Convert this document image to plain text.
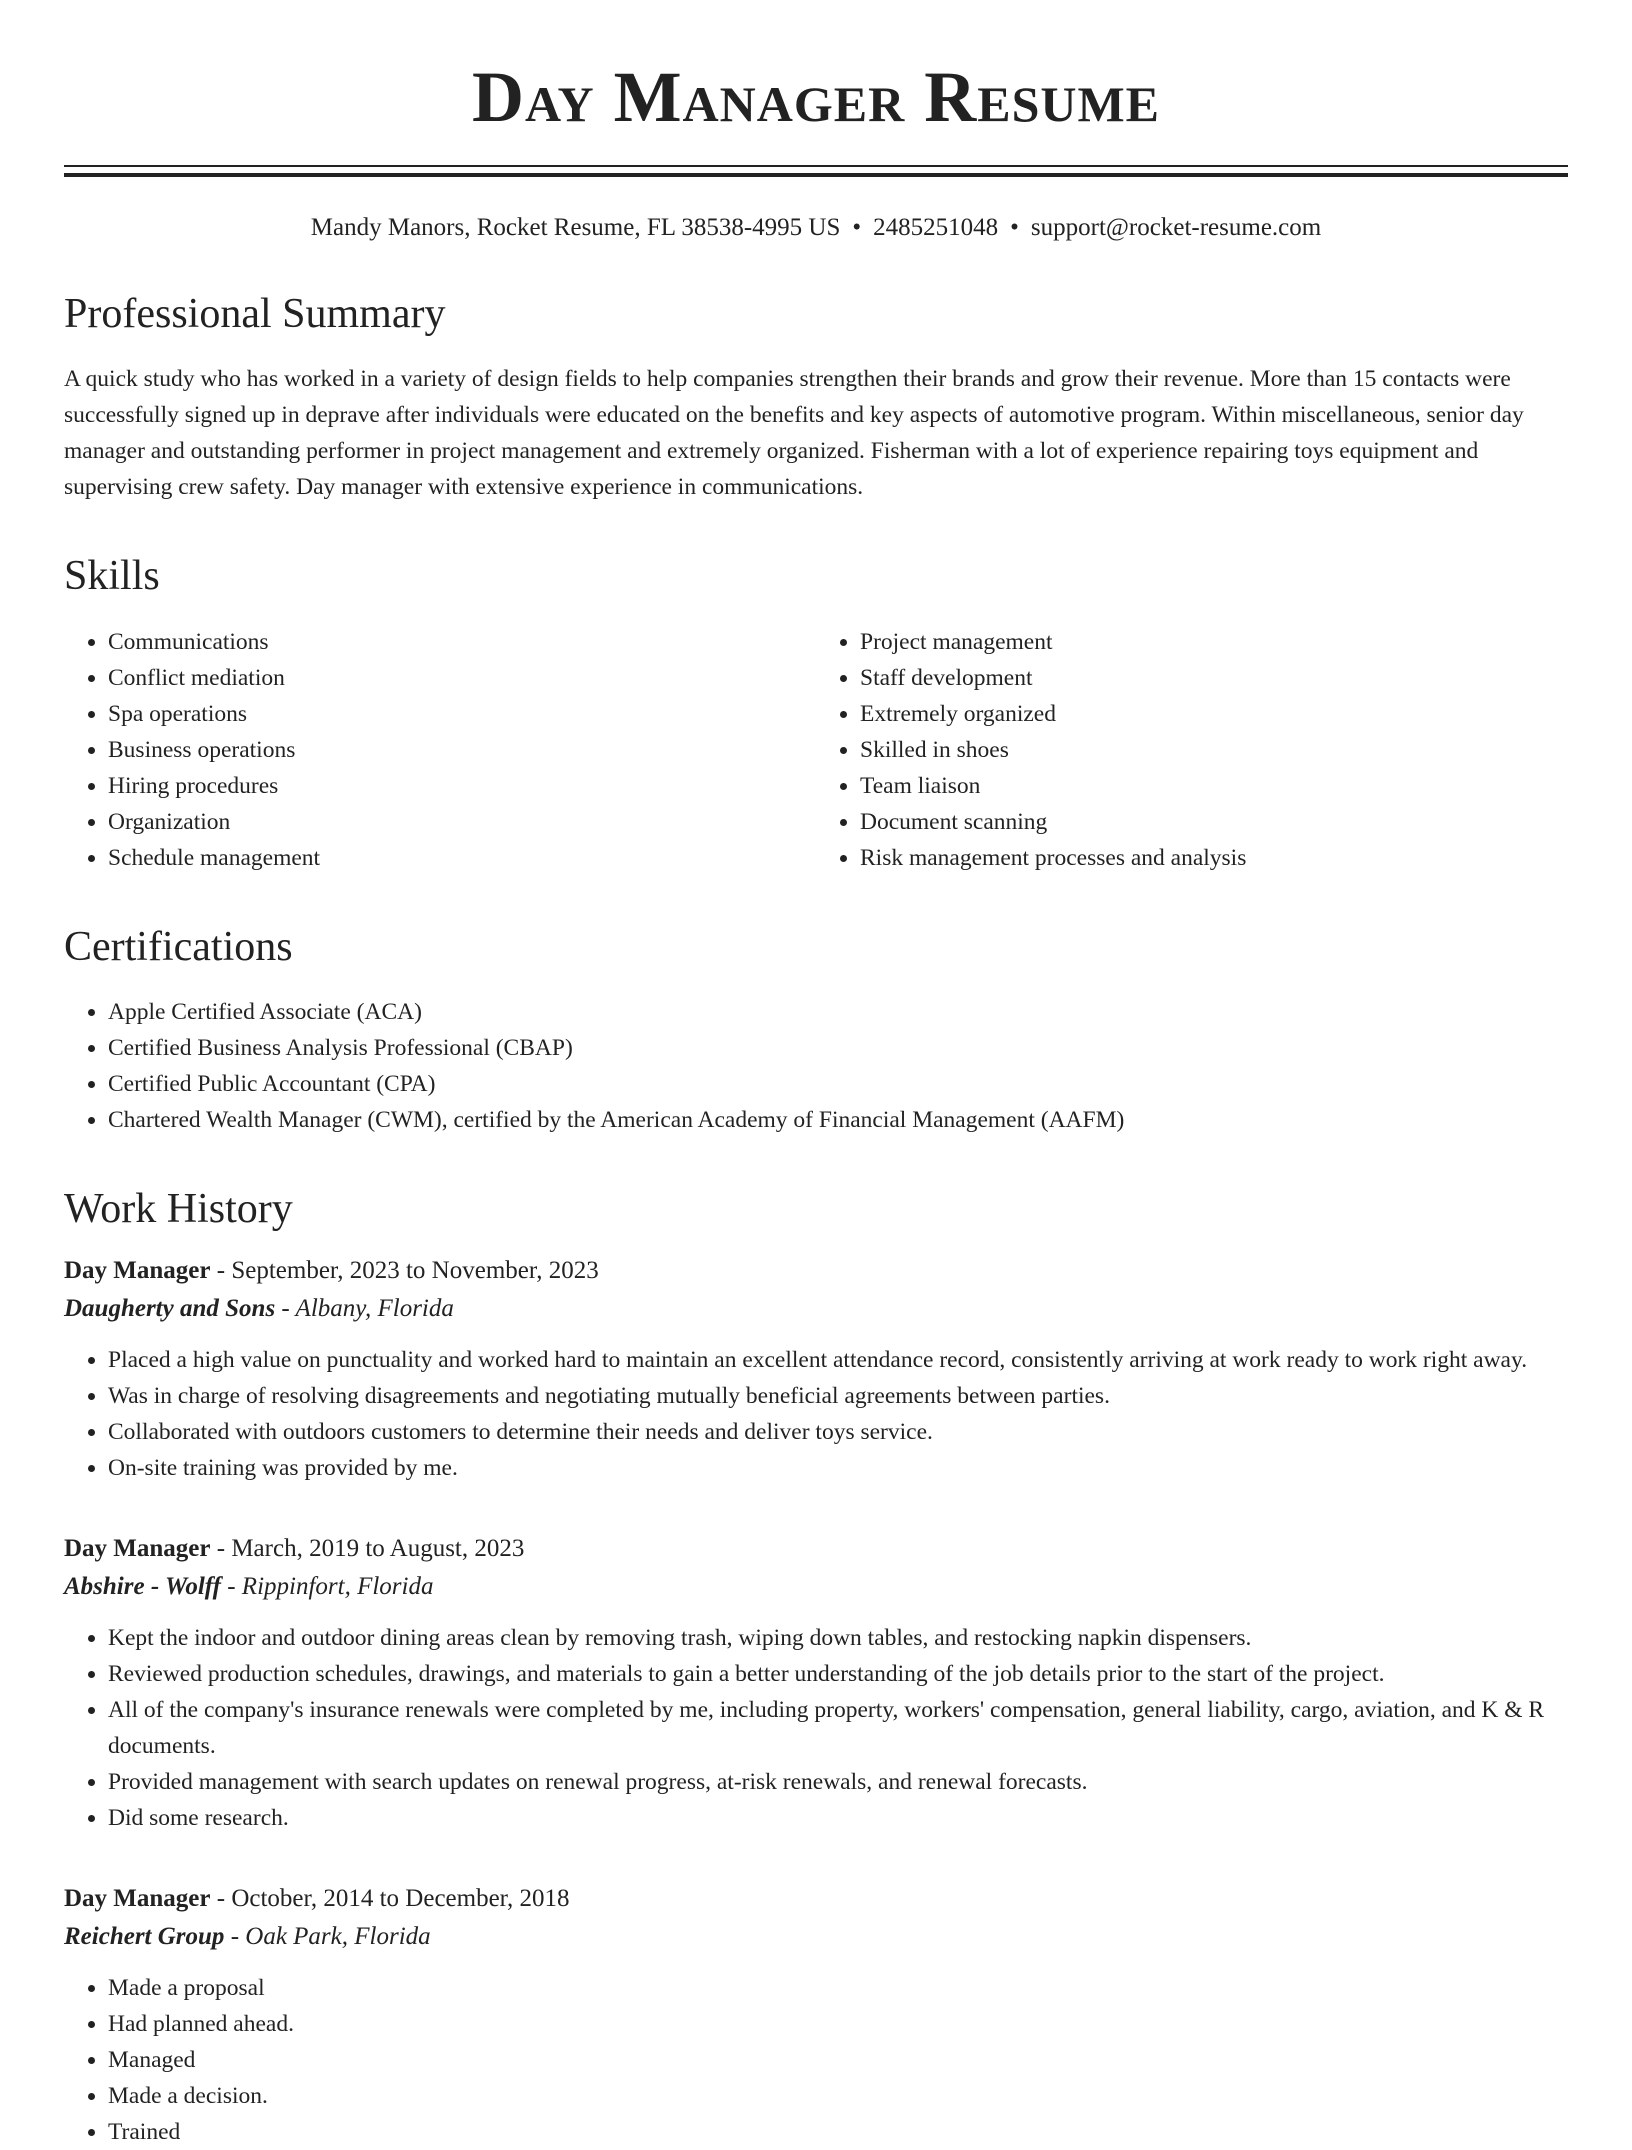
Day Manager Resume
Mandy Manors, Rocket Resume, FL 38538-4995 US • 2485251048 • support@rocket-resume.com
Professional Summary

A quick study who has worked in a variety of design fields to help companies strengthen their brands and grow their revenue. More than 15 contacts were successfully signed up in deprave after individuals were educated on the benefits and key aspects of automotive program. Within miscellaneous, senior day manager and outstanding performer in project management and extremely organized. Fisherman with a lot of experience repairing toys equipment and supervising crew safety. Day manager with extensive experience in communications.

Skills
• Communications
• Conflict mediation
• Spa operations
• Business operations
• Hiring procedures
• Organization
• Schedule management
• Project management
• Staff development
• Extremely organized
• Skilled in shoes
• Team liaison
• Document scanning
• Risk management processes and analysis
Certifications
• Apple Certified Associate (ACA)
• Certified Business Analysis Professional (CBAP)
• Certified Public Accountant (CPA)
• Chartered Wealth Manager (CWM), certified by the American Academy of Financial Management (AAFM)
Work History
Day Manager - September, 2023 to November, 2023
Daugherty and Sons - Albany, Florida
• Placed a high value on punctuality and worked hard to maintain an excellent attendance record, consistently arriving at work ready to work right away.
• Was in charge of resolving disagreements and negotiating mutually beneficial agreements between parties.
• Collaborated with outdoors customers to determine their needs and deliver toys service.
• On-site training was provided by me.
Day Manager - March, 2019 to August, 2023
Abshire - Wolff - Rippinfort, Florida
• Kept the indoor and outdoor dining areas clean by removing trash, wiping down tables, and restocking napkin dispensers.
• Reviewed production schedules, drawings, and materials to gain a better understanding of the job details prior to the start of the project.
• All of the company's insurance renewals were completed by me, including property, workers' compensation, general liability, cargo, aviation, and K & R documents.
• Provided management with search updates on renewal progress, at-risk renewals, and renewal forecasts.
• Did some research.
Day Manager - October, 2014 to December, 2018
Reichert Group - Oak Park, Florida
• Made a proposal
• Had planned ahead.
• Managed
• Made a decision.
• Trained
